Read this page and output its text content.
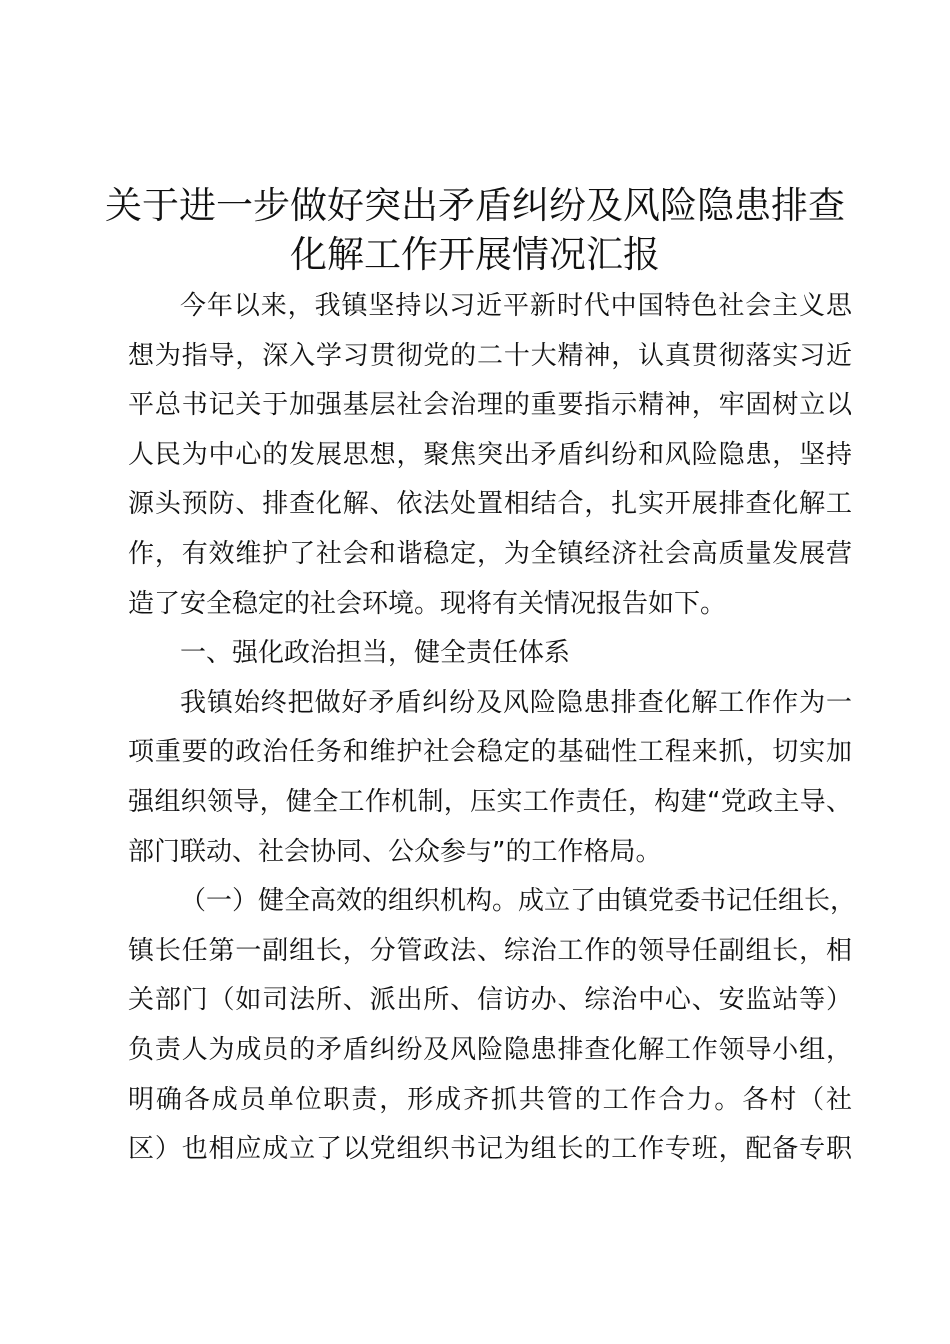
关于进一步做好突出矛盾纠纷及风险隐患排查
化解工作开展情况汇报
今年以来，我镇坚持以习近平新时代中国特色社会主义思
想为指导，深入学习贯彻党的二十大精神，认真贯彻落实习近
平总书记关于加强基层社会治理的重要指示精神，牢固树立以
人民为中心的发展思想，聚焦突出矛盾纠纷和风险隐患，坚持
源头预防、排查化解、依法处置相结合，扎实开展排查化解工
作，有效维护了社会和谐稳定，为全镇经济社会高质量发展营
造了安全稳定的社会环境。现将有关情况报告如下。
一、强化政治担当，健全责任体系
我镇始终把做好矛盾纠纷及风险隐患排查化解工作作为一
项重要的政治任务和维护社会稳定的基础性工程来抓，切实加
强组织领导，健全工作机制，压实工作责任，构建“党政主导、
部门联动、社会协同、公众参与”的工作格局。
（一）健全高效的组织机构。成立了由镇党委书记任组长，
镇长任第一副组长，分管政法、综治工作的领导任副组长，相
关部门（如司法所、派出所、信访办、综治中心、安监站等）
负责人为成员的矛盾纠纷及风险隐患排查化解工作领导小组，
明确各成员单位职责，形成齐抓共管的工作合力。各村（社
区）也相应成立了以党组织书记为组长的工作专班，配备专职
